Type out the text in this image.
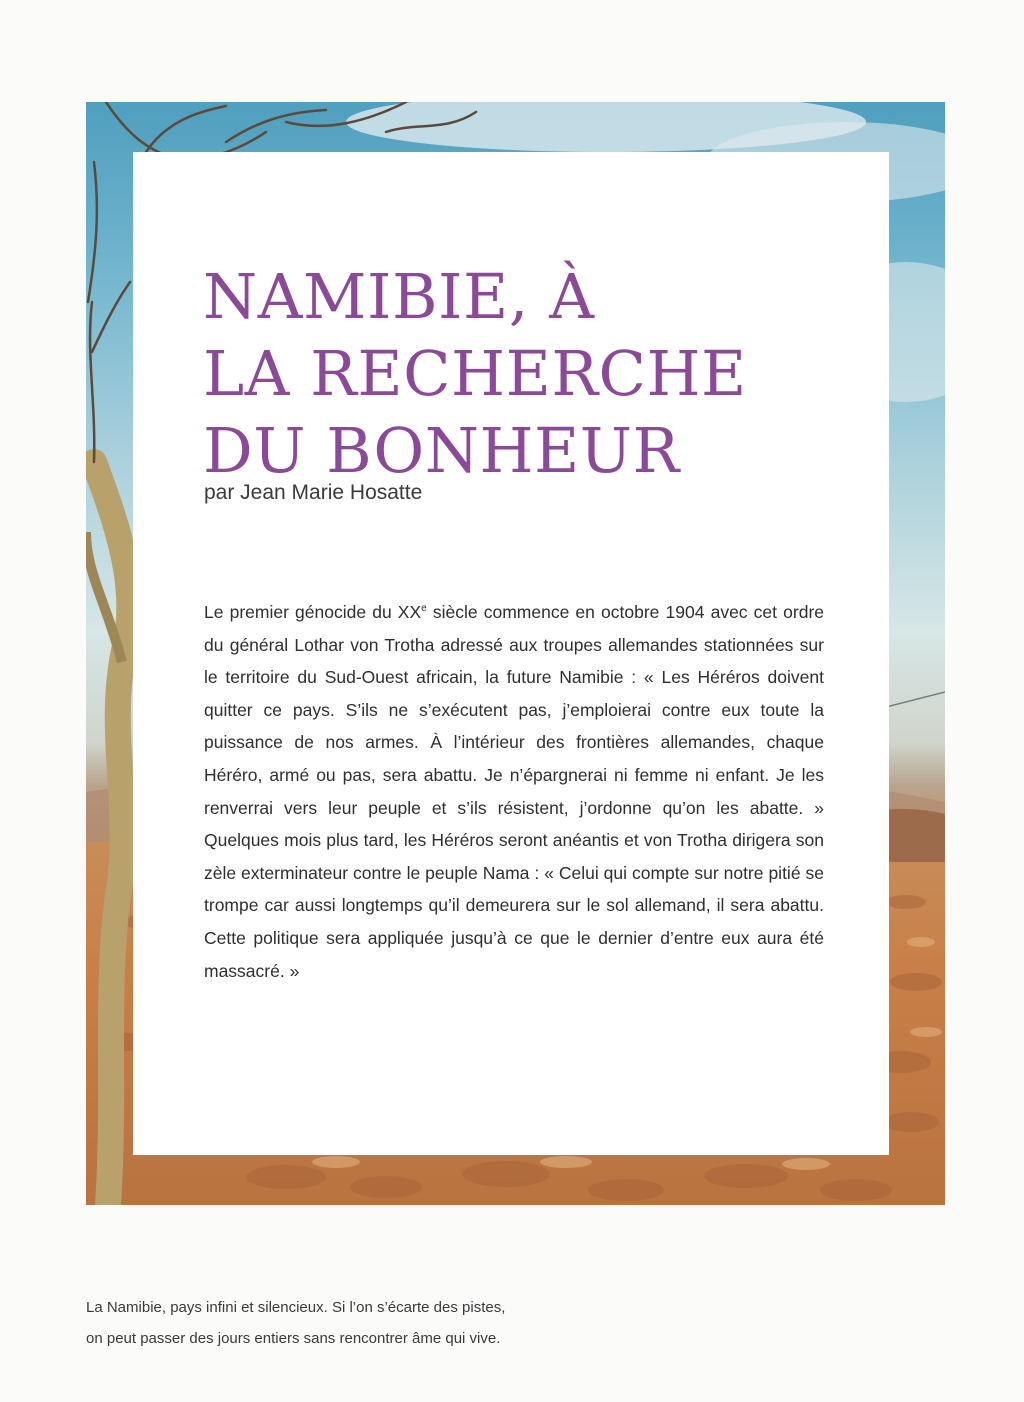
NAMIBIE, À
LA RECHERCHE
DU BONHEUR
par Jean Marie Hosatte

Le premier génocide du XXe siècle commence en octobre 1904 avec cet ordre du général Lothar von Trotha adressé aux troupes allemandes stationnées sur le territoire du Sud-Ouest africain, la future Namibie : « Les Héréros doivent quitter ce pays. S’ils ne s’exécutent pas, j’emploierai contre eux toute la puissance de nos armes. À l’intérieur des frontières allemandes, chaque Héréro, armé ou pas, sera abattu. Je n’épargnerai ni femme ni enfant. Je les renverrai vers leur peuple et s’ils résistent, j’ordonne qu’on les abatte. » Quelques mois plus tard, les Héréros seront anéantis et von Trotha dirigera son zèle exterminateur contre le peuple Nama : « Celui qui compte sur notre pitié se trompe car aussi longtemps qu’il demeurera sur le sol allemand, il sera abattu. Cette politique sera appliquée jusqu’à ce que le dernier d’entre eux aura été massacré. »

La Namibie, pays infini et silencieux. Si l’on s’écarte des pistes,
on peut passer des jours entiers sans rencontrer âme qui vive.
